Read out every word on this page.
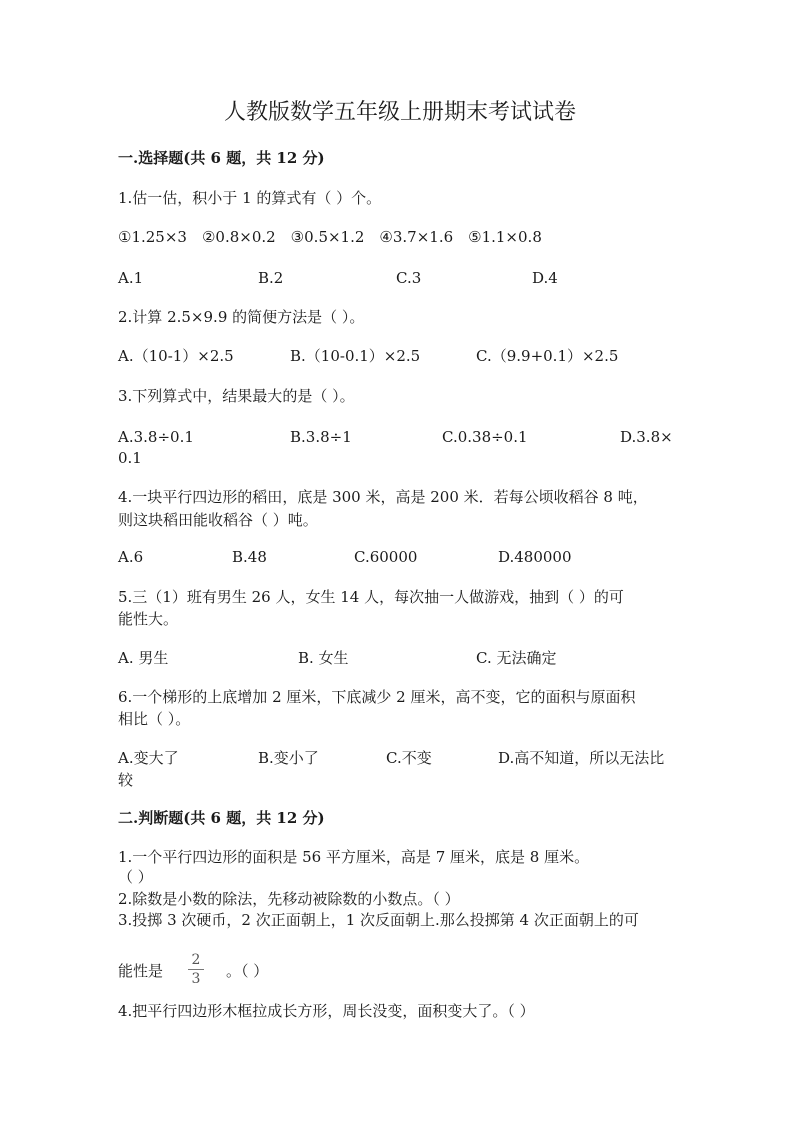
人教版数学五年级上册期末考试试卷
一.选择题(共 6 题，共 12 分)
1.估一估，积小于 1 的算式有（ ）个。
①1.25×3　②0.8×0.2　③0.5×1.2　④3.7×1.6　⑤1.1×0.8
A.1	B.2	C.3	D.4
2.计算 2.5×9.9 的简便方法是（ ）。
A.（10-1）×2.5	B.（10-0.1）×2.5	C.（9.9+0.1）×2.5
3.下列算式中，结果最大的是（ ）。
A.3.8÷0.1	B.3.8÷1	C.0.38÷0.1	D.3.8×
0.1
4.一块平行四边形的稻田，底是 300 米，高是 200 米．若每公顷收稻谷 8 吨，
则这块稻田能收稻谷（ ）吨。
A.6	B.48	C.60000	D.480000
5.三（1）班有男生 26 人，女生 14 人，每次抽一人做游戏，抽到（ ）的可
能性大。
A. 男生	B. 女生	C. 无法确定
6.一个梯形的上底增加 2 厘米，下底减少 2 厘米，高不变，它的面积与原面积
相比（ ）。
A.变大了	B.变小了	C.不变	D.高不知道，所以无法比
较
二.判断题(共 6 题，共 12 分)
1.一个平行四边形的面积是 56 平方厘米，高是 7 厘米，底是 8 厘米。
（ ）
2.除数是小数的除法，先移动被除数的小数点。（ ）
3.投掷 3 次硬币，2 次正面朝上，1 次反面朝上.那么投掷第 4 次正面朝上的可
能性是
2
3	。（ ）
4.把平行四边形木框拉成长方形，周长没变，面积变大了。（ ）
